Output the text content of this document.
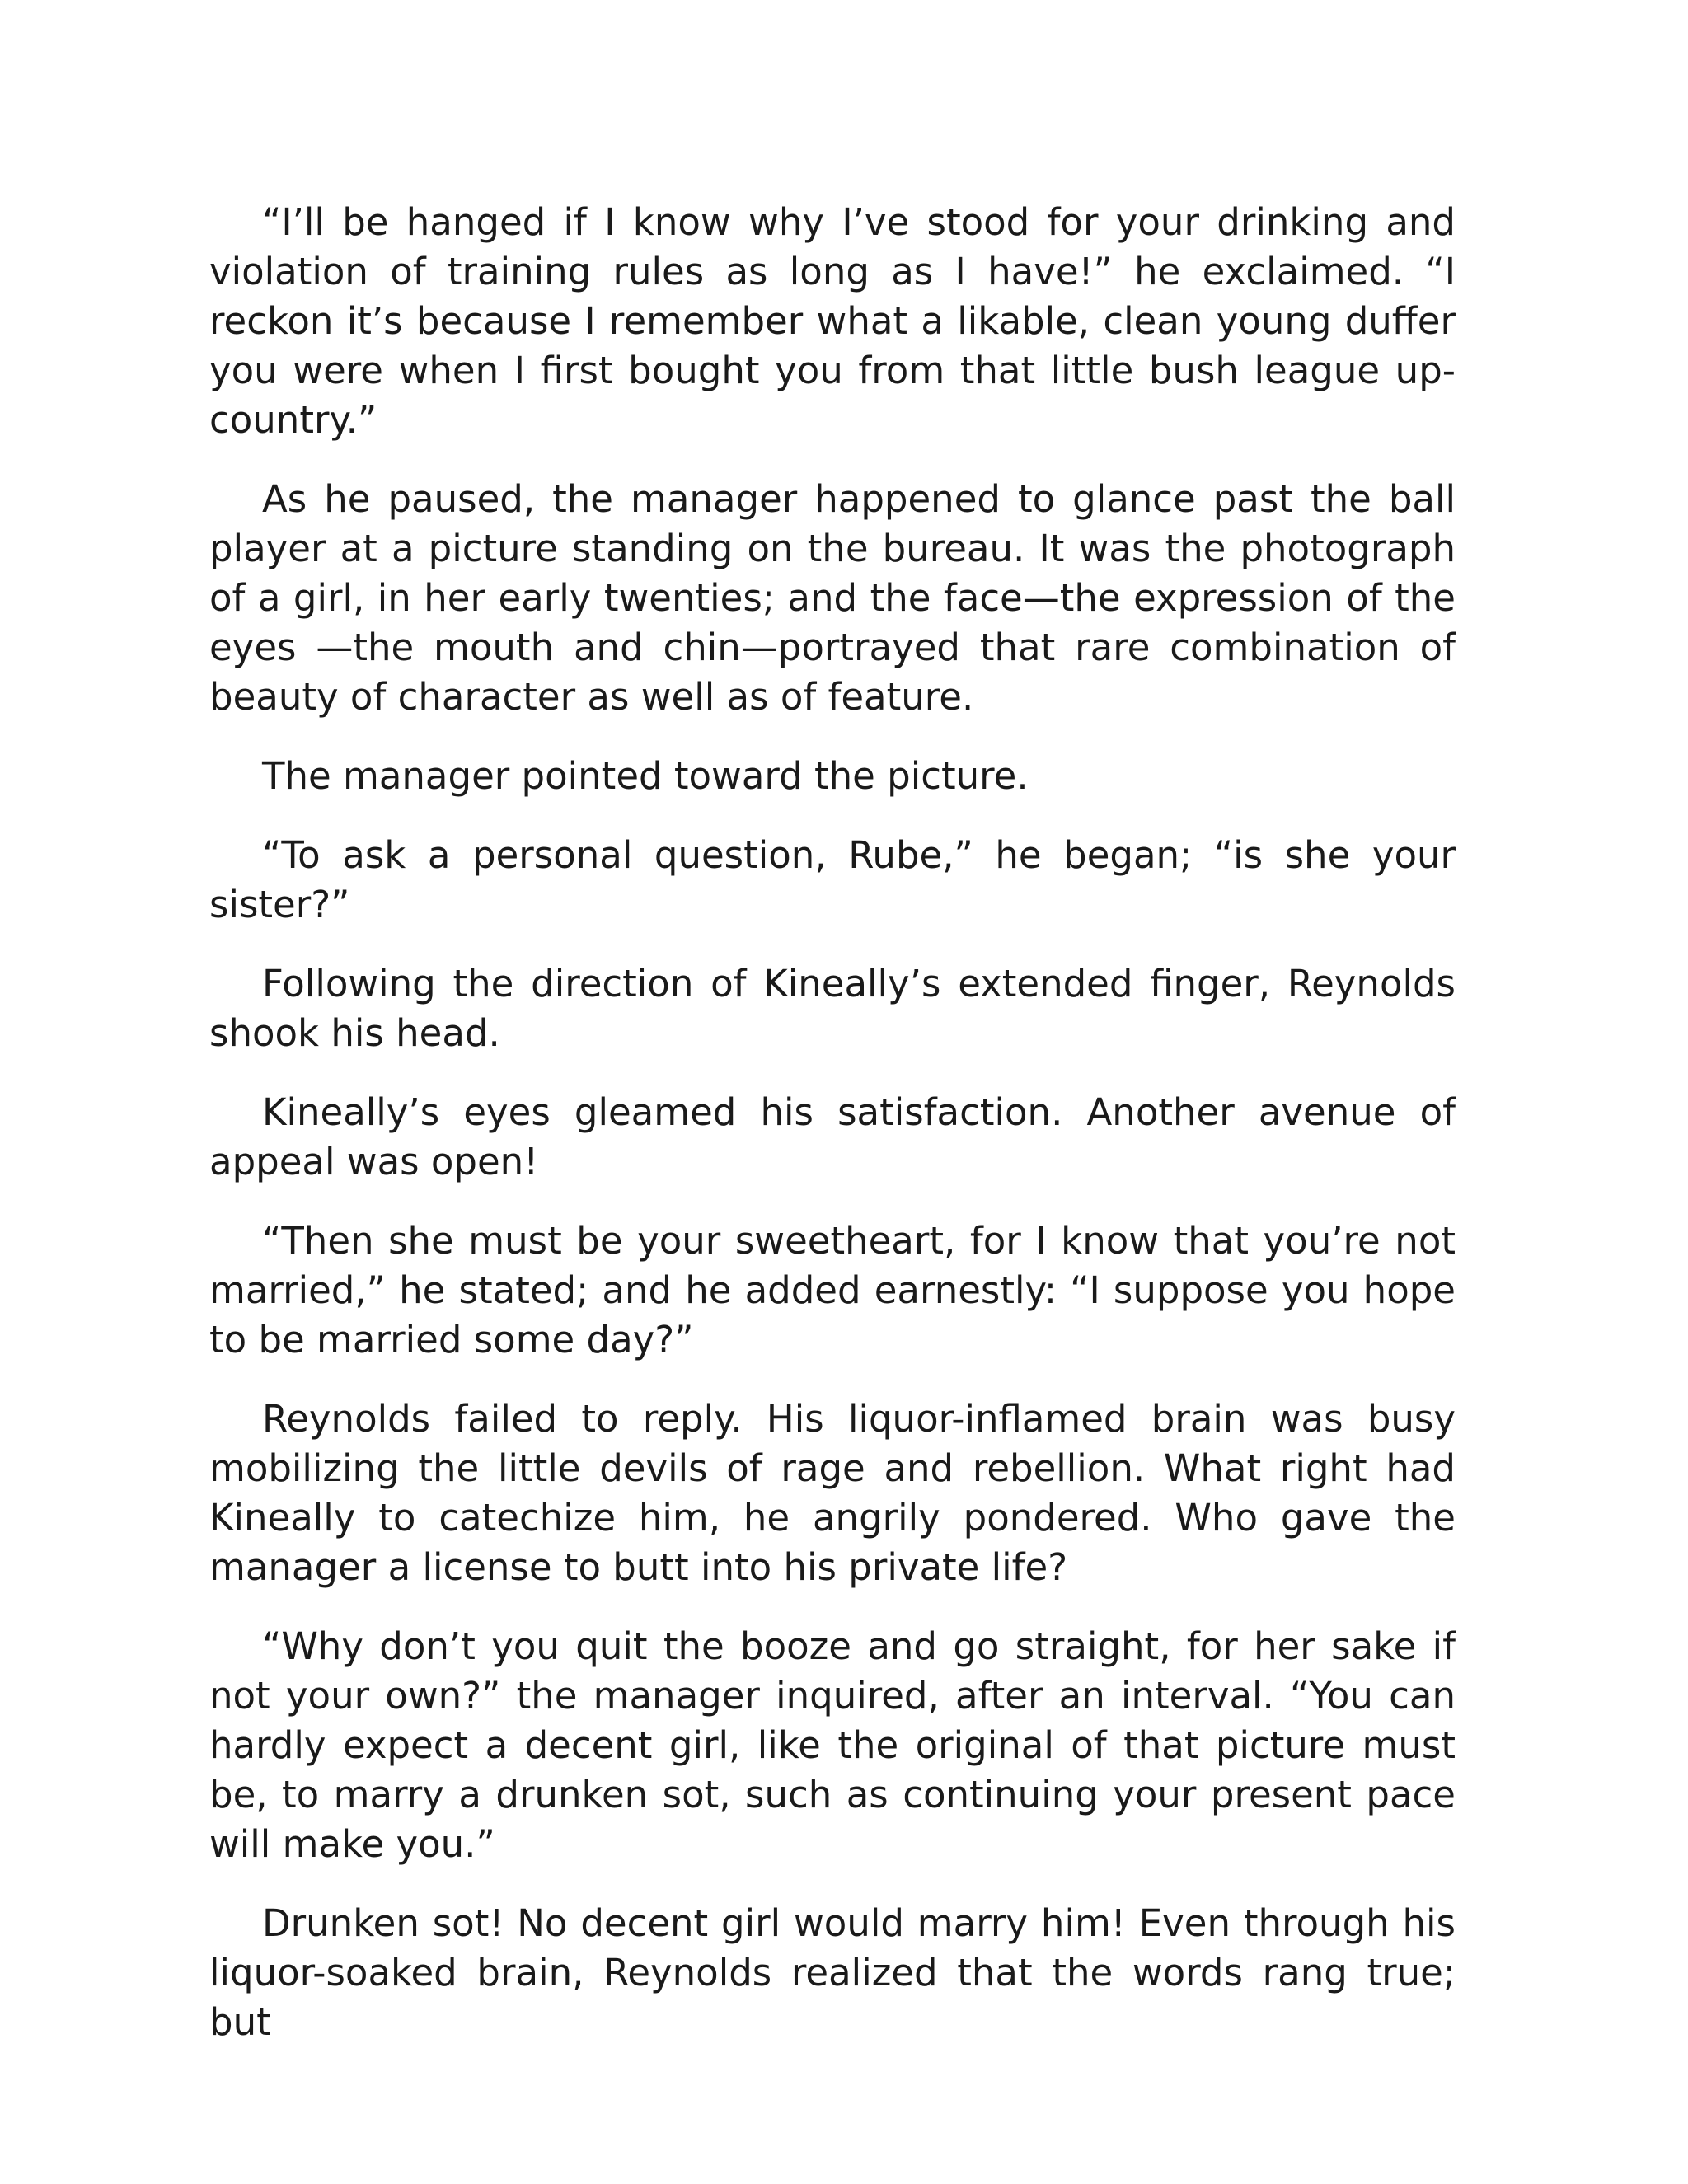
“I’ll be hanged if I know why I’ve stood for your drinking and violation of training rules as long as I have!” he exclaimed. “I reckon it’s because I remember what a likable, clean young duffer you were when I first bought you from that little bush league up-country.”

As he paused, the manager happened to glance past the ball player at a picture standing on the bureau. It was the photograph of a girl, in her early twenties; and the face—the expression of the eyes —the mouth and chin—portrayed that rare combination of beauty of character as well as of feature.

The manager pointed toward the picture.

“To ask a personal question, Rube,” he began; “is she your sister?”

Following the direction of Kineally’s extended finger, Reynolds shook his head.

Kineally’s eyes gleamed his satisfaction. Another avenue of appeal was open!

“Then she must be your sweetheart, for I know that you’re not married,” he stated; and he added earnestly: “I suppose you hope to be married some day?”

Reynolds failed to reply. His liquor-inflamed brain was busy mobilizing the little devils of rage and rebellion. What right had Kineally to catechize him, he angrily pondered. Who gave the manager a license to butt into his private life?

“Why don’t you quit the booze and go straight, for her sake if not your own?” the manager inquired, after an interval. “You can hardly expect a decent girl, like the original of that picture must be, to marry a drunken sot, such as continuing your present pace will make you.”

Drunken sot! No decent girl would marry him! Even through his liquor-soaked brain, Reynolds realized that the words rang true; but
